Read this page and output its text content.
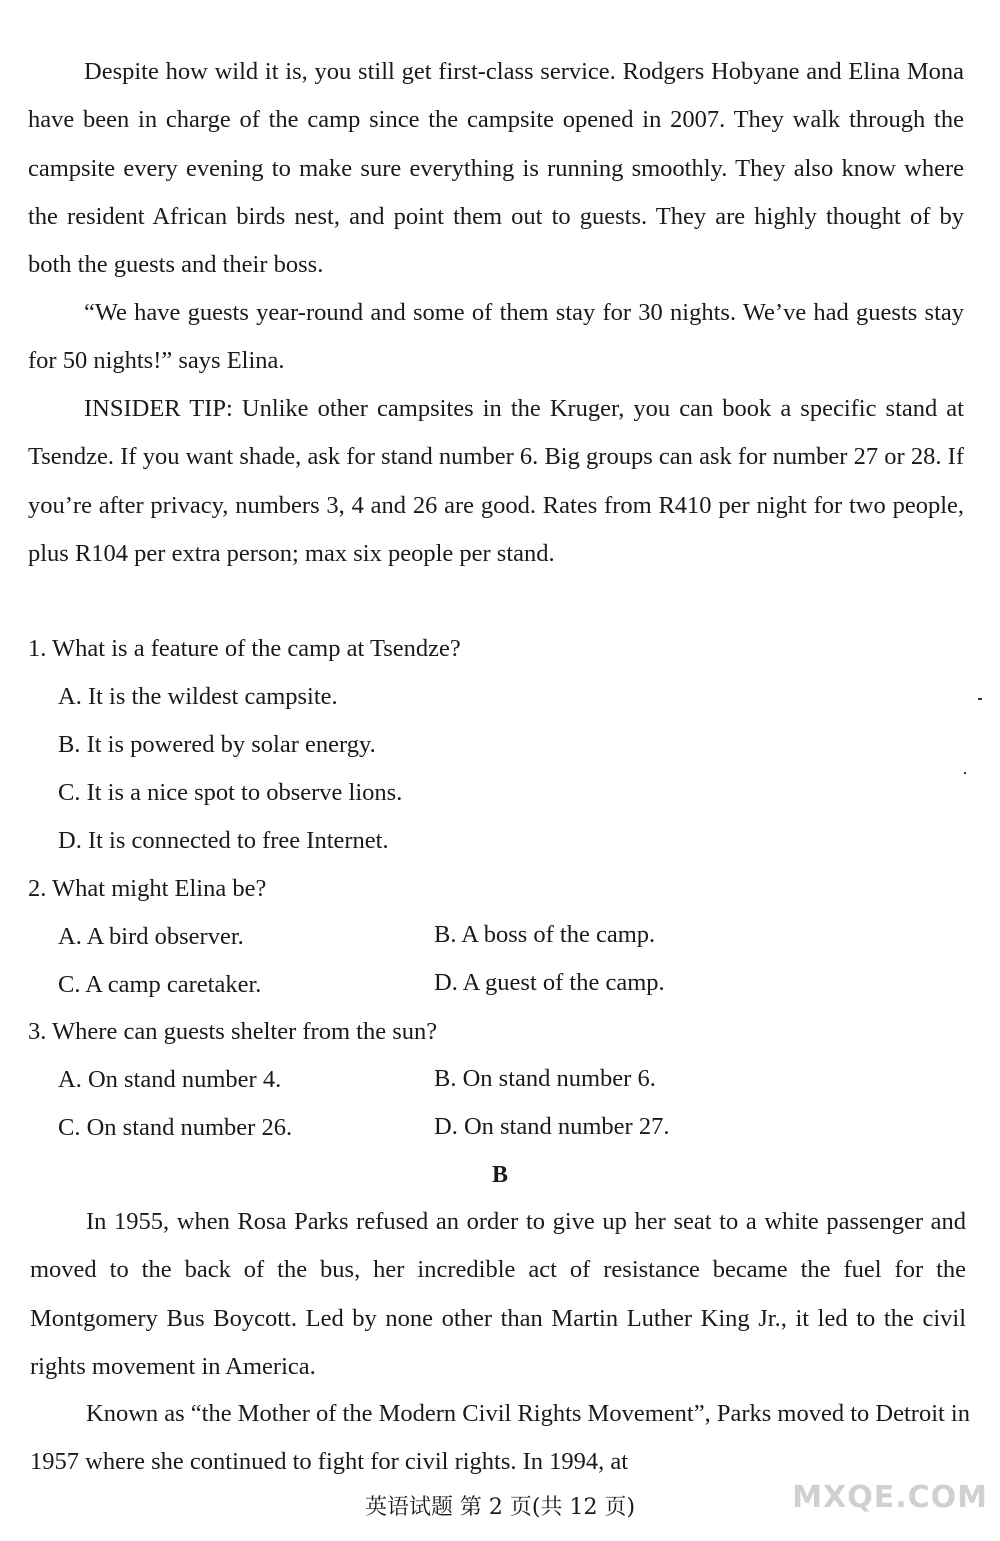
Despite how wild it is, you still get first-class service. Rodgers Hobyane and Elina Mona have been in charge of the camp since the campsite opened in 2007. They walk through the campsite every evening to make sure everything is running smoothly. They also know where the resident African birds nest, and point them out to guests. They are highly thought of by both the guests and their boss.

“We have guests year-round and some of them stay for 30 nights. We’ve had guests stay for 50 nights!” says Elina.

INSIDER TIP: Unlike other campsites in the Kruger, you can book a specific stand at Tsendze. If you want shade, ask for stand number 6. Big groups can ask for number 27 or 28. If you’re after privacy, numbers 3, 4 and 26 are good. Rates from R410 per night for two people, plus R104 per extra person; max six people per stand.

1. What is a feature of the camp at Tsendze?

A. It is the wildest campsite.

B. It is powered by solar energy.

C. It is a nice spot to observe lions.

D. It is connected to free Internet.

2. What might Elina be?

A. A bird observer.	B. A boss of the camp.

C. A camp caretaker.	D. A guest of the camp.

3. Where can guests shelter from the sun?

A. On stand number 4.	B. On stand number 6.

C. On stand number 26.	D. On stand number 27.

B

In 1955, when Rosa Parks refused an order to give up her seat to a white passenger and moved to the back of the bus, her incredible act of resistance became the fuel for the Montgomery Bus Boycott. Led by none other than Martin Luther King Jr., it led to the civil rights movement in America.

Known as “the Mother of the Modern Civil Rights Movement”, Parks moved to Detroit in 1957 where she continued to fight for civil rights. In 1994, at

英语试题 第 2 页(共 12 页)	MXQE.COM
